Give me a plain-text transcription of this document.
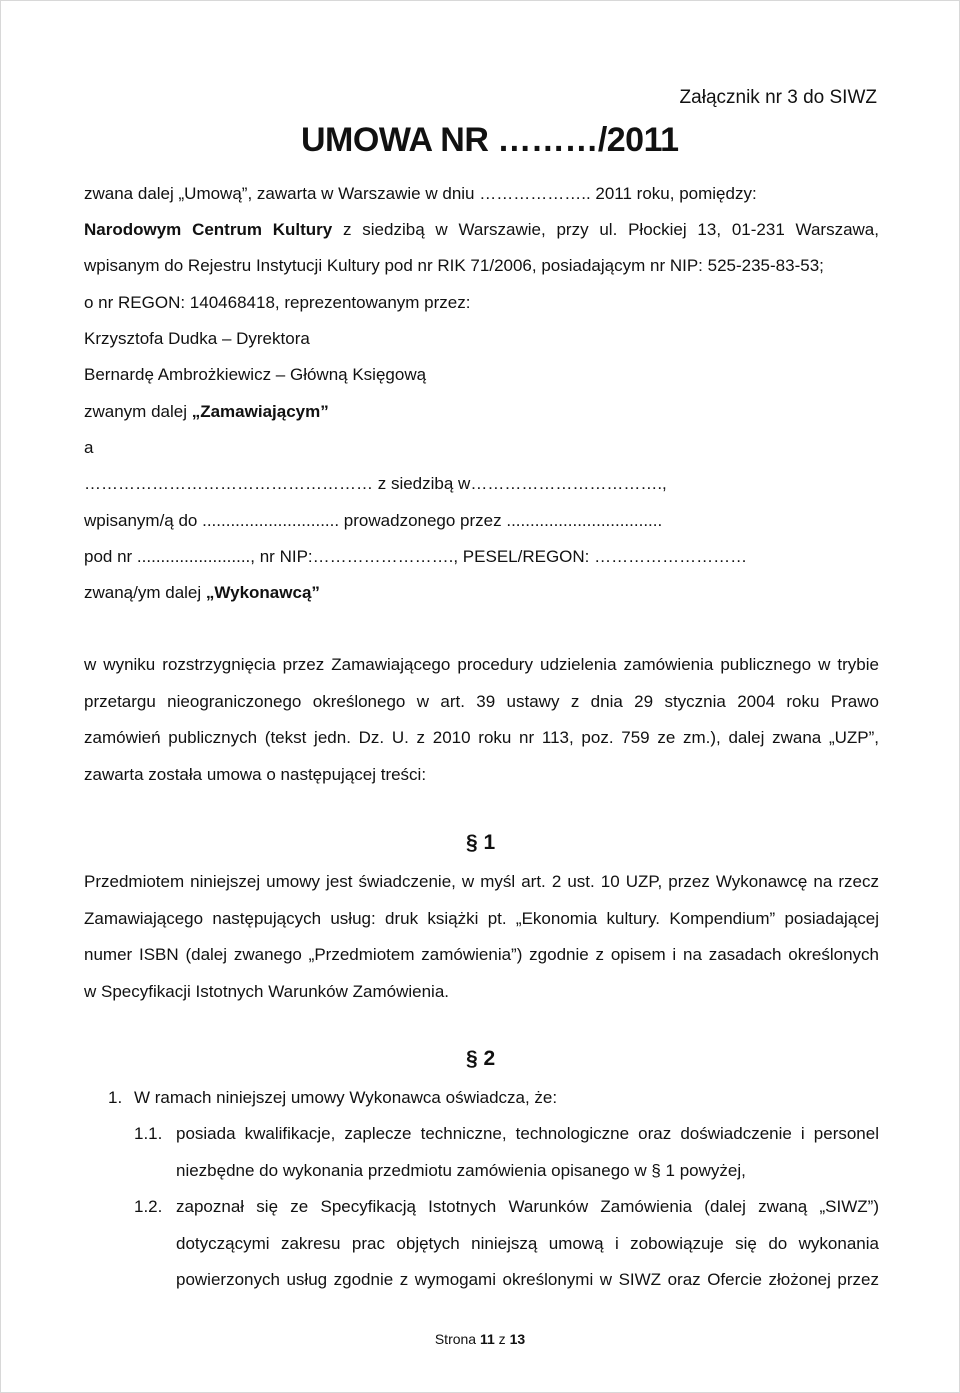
Załącznik nr 3 do SIWZ
UMOWA NR ………/2011
zwana dalej „Umową”, zawarta w Warszawie w dniu ……………….. 2011 roku, pomiędzy:
Narodowym Centrum Kultury z siedzibą w Warszawie, przy ul. Płockiej 13, 01-231 Warszawa,
wpisanym do Rejestru Instytucji Kultury pod nr RIK 71/2006, posiadającym nr NIP: 525-235-83-53;
o nr REGON: 140468418, reprezentowanym przez:
Krzysztofa Dudka – Dyrektora
Bernardę Ambrożkiewicz – Główną Księgową
zwanym dalej „Zamawiającym”
a
…………………………………………… z siedzibą w…………………………….,
wpisanym/ą do ............................. prowadzonego przez .................................
pod nr ........................, nr NIP:……………………., PESEL/REGON: ………………………
zwaną/ym dalej „Wykonawcą”

w wyniku rozstrzygnięcia przez Zamawiającego procedury udzielenia zamówienia publicznego w trybie

przetargu nieograniczonego określonego w art. 39 ustawy z dnia 29 stycznia 2004 roku Prawo

zamówień publicznych (tekst jedn. Dz. U. z 2010 roku nr 113, poz. 759 ze zm.), dalej zwana „UZP”,

zawarta została umowa o następującej treści:

§ 1

Przedmiotem niniejszej umowy jest świadczenie, w myśl art. 2 ust. 10 UZP, przez Wykonawcę na rzecz

Zamawiającego następujących usług: druk książki pt. „Ekonomia kultury. Kompendium” posiadającej

numer ISBN (dalej zwanego „Przedmiotem zamówienia”) zgodnie z opisem i na zasadach określonych

w Specyfikacji Istotnych Warunków Zamówienia.

§ 2
1. W ramach niniejszej umowy Wykonawca oświadcza, że:
1.1. posiada kwalifikacje, zaplecze techniczne, technologiczne oraz doświadczenie i personel
niezbędne do wykonania przedmiotu zamówienia opisanego w § 1 powyżej,
1.2. zapoznał się ze Specyfikacją Istotnych Warunków Zamówienia (dalej zwaną „SIWZ”)
dotyczącymi zakresu prac objętych niniejszą umową i zobowiązuje się do wykonania
powierzonych usług zgodnie z wymogami określonymi w SIWZ oraz Ofercie złożonej przez
Strona 11 z 13
